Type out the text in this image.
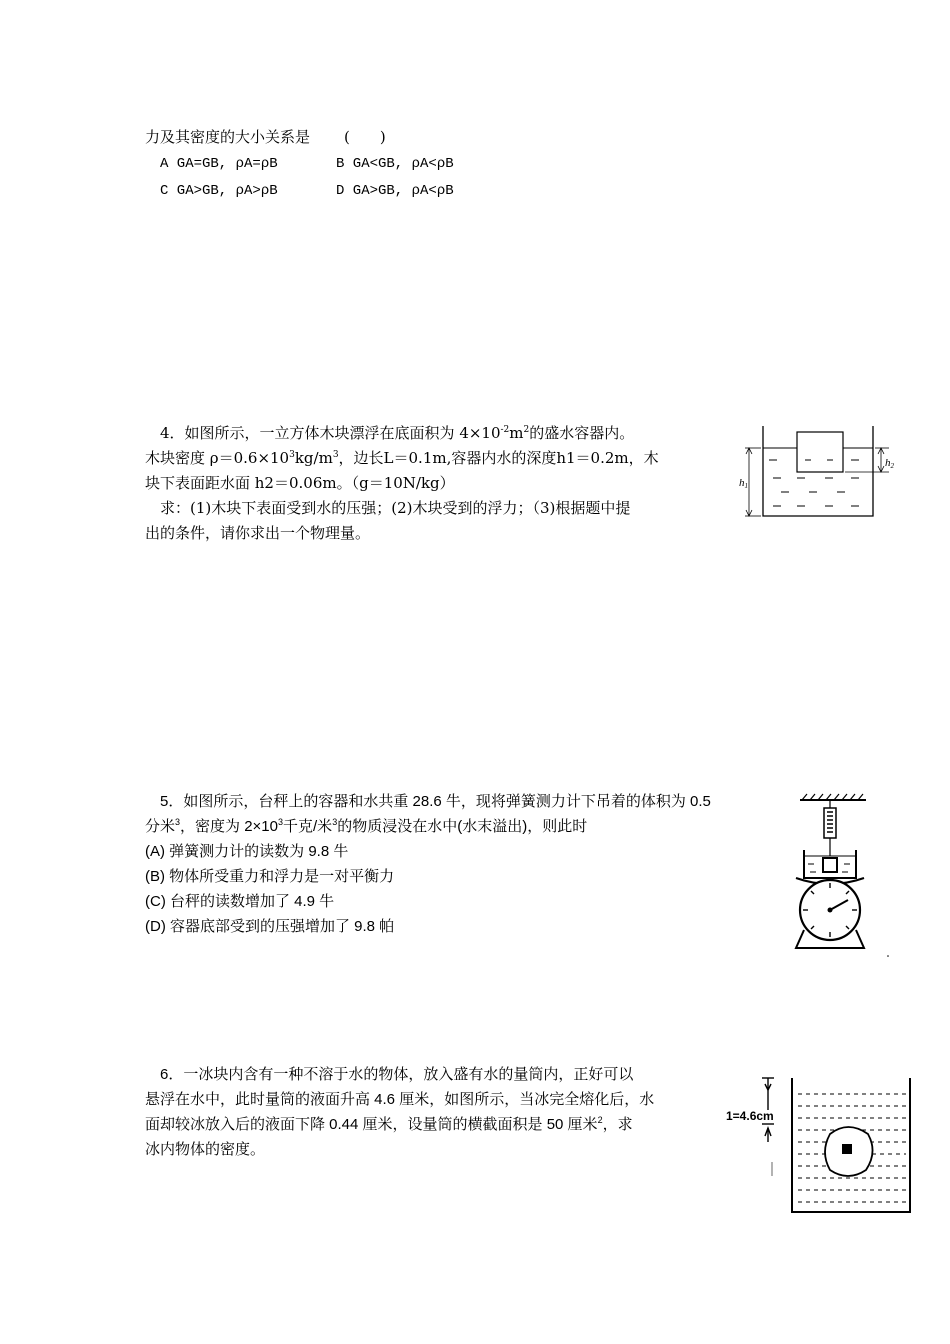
力及其密度的大小关系是 (　　)
A GA=GB, ρA=ρB	B GA<GB, ρA<ρB
C GA>GB, ρA>ρB	D GA>GB, ρA<ρB
4．如图所示，一立方体木块漂浮在底面积为 $4\times 10^{-2}m^2$的盛水容器内。
木块密度 $\rho=0.6\times 10^3kg/m^3$，边长L＝0.1m,容器内水的深度h1＝0.2m，木
块下表面距水面 h2＝0.06m。（g＝10N/kg）
求：(1)木块下表面受到水的压强；(2)木块受到的浮力；（3)根据题中提
出的条件，请你求出一个物理量。
h1
h2
5．如图所示，台秤上的容器和水共重 28.6 牛，现将弹簧测力计下吊着的体积为 0.5
分米$^3$，密度为 $2\times 10^3$千克/米$^3$的物质浸没在水中(水末溢出)，则此时
(A) 弹簧测力计的读数为 9.8 牛
(B) 物体所受重力和浮力是一对平衡力
(C) 台秤的读数增加了 4.9 牛
(D) 容器底部受到的压强增加了 9.8 帕
6．一冰块内含有一种不溶于水的物体，放入盛有水的量筒内，正好可以
悬浮在水中，此时量筒的液面升高 4.6 厘米，如图所示，当冰完全熔化后，水
面却较冰放入后的液面下降 0.44 厘米，设量筒的横截面积是 50 厘米$^2$，求
冰内物体的密度。
1=4.6cm
